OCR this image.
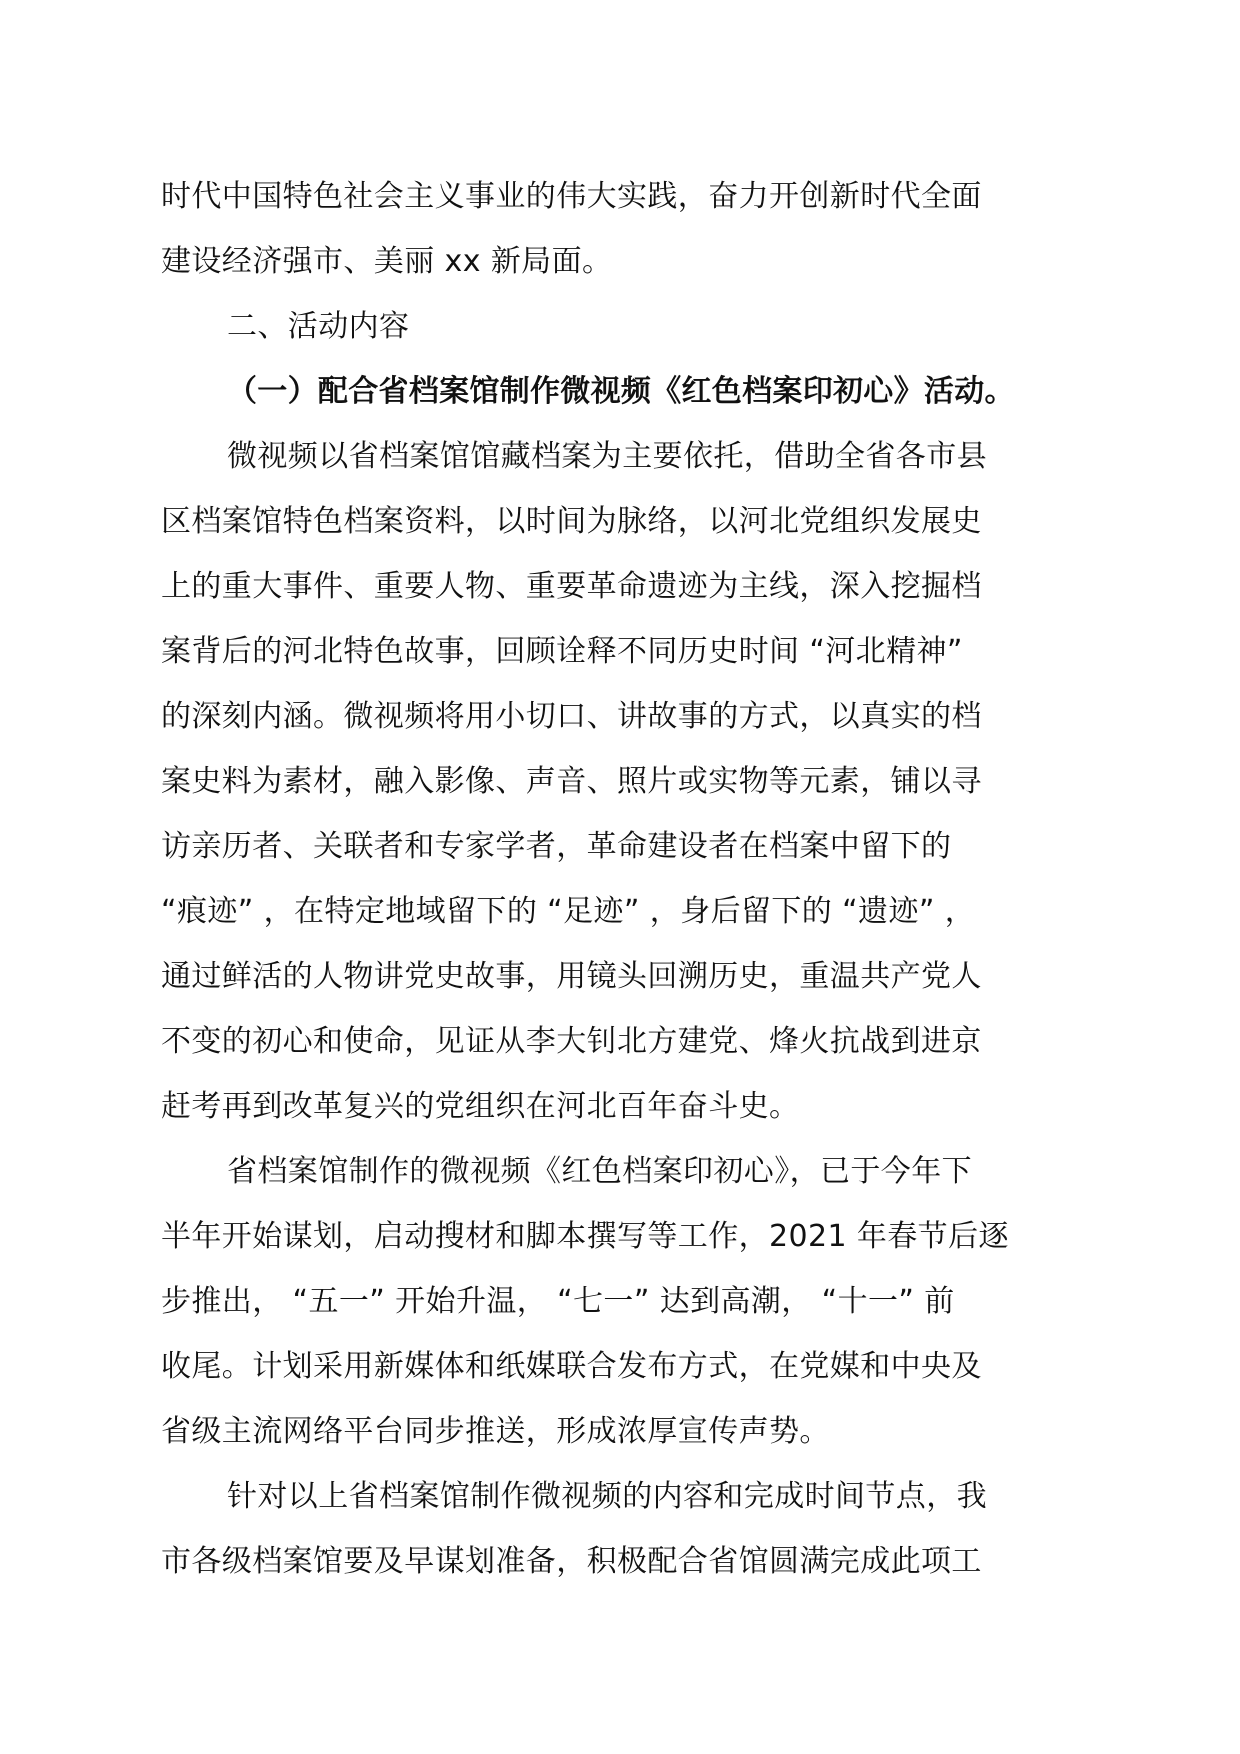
时代中国特色社会主义事业的伟大实践，奋力开创新时代全面
建设经济强市、美丽 xx 新局面。
二、活动内容
（一）配合省档案馆制作微视频《红色档案印初心》活动。
微视频以省档案馆馆藏档案为主要依托，借助全省各市县
区档案馆特色档案资料，以时间为脉络，以河北党组织发展史
上的重大事件、重要人物、重要革命遗迹为主线，深入挖掘档
案背后的河北特色故事，回顾诠释不同历史时间 “河北精神”
的深刻内涵。微视频将用小切口、讲故事的方式，以真实的档
案史料为素材，融入影像、声音、照片或实物等元素，铺以寻
访亲历者、关联者和专家学者，革命建设者在档案中留下的
“痕迹” ，在特定地域留下的 “足迹” ，身后留下的 “遗迹” ，
通过鲜活的人物讲党史故事，用镜头回溯历史，重温共产党人
不变的初心和使命，见证从李大钊北方建党、烽火抗战到进京
赶考再到改革复兴的党组织在河北百年奋斗史。
省档案馆制作的微视频《红色档案印初心》，已于今年下
半年开始谋划，启动搜材和脚本撰写等工作，2021 年春节后逐
步推出， “五一” 开始升温， “七一” 达到高潮， “十一” 前
收尾。计划采用新媒体和纸媒联合发布方式，在党媒和中央及
省级主流网络平台同步推送，形成浓厚宣传声势。
针对以上省档案馆制作微视频的内容和完成时间节点，我
市各级档案馆要及早谋划准备，积极配合省馆圆满完成此项工
